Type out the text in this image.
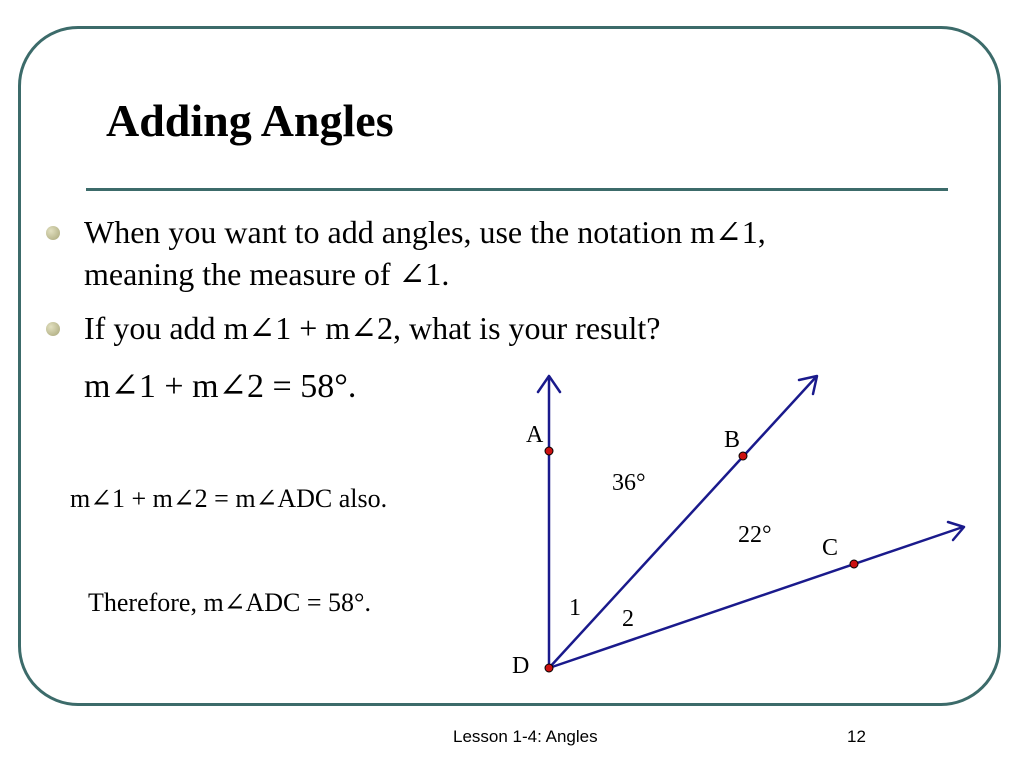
Adding Angles
When you want to add angles, use the notation m∠1,
meaning the measure of ∠1.
If you add m∠1 + m∠2, what is your result?
m∠1 + m∠2 = 58°.
m∠1 + m∠2 = m∠ADC also.
Therefore, m∠ADC = 58°.
A	B
C
D
36°
22°
1 2
Lesson 1-4: Angles	12
